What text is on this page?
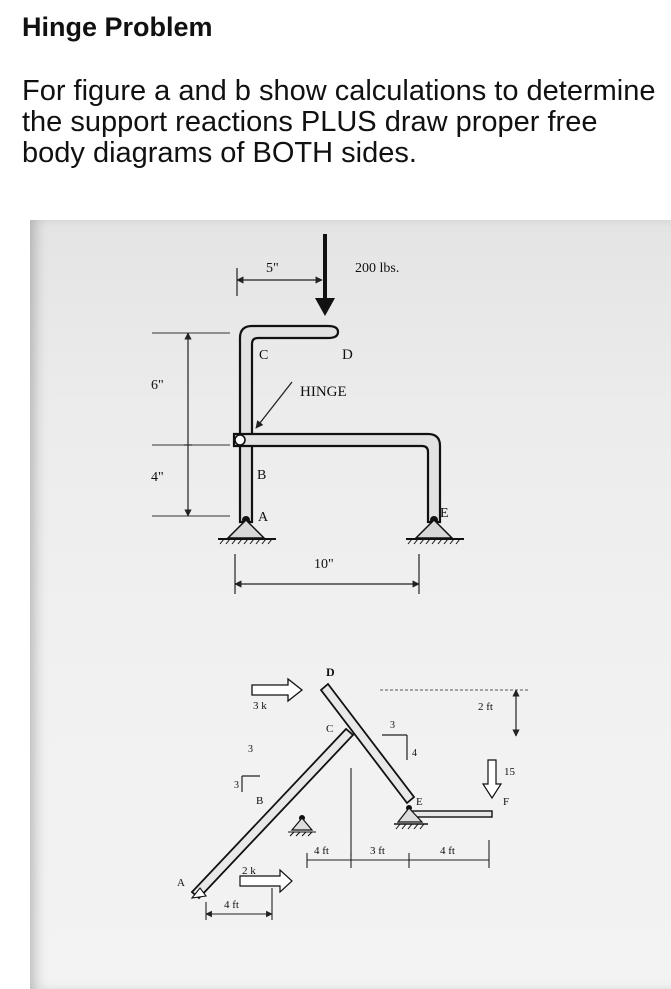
Hinge Problem

For figure a and b show calculations to determine the support reactions PLUS draw proper free body diagrams of BOTH sides.

5"	200 lbs.
6"
4"
C	D
HINGE
B
A	E
10"
D
C
3 k
3
4
2 ft
3
3
B	E
15
F
4 ft	3 ft	4 ft
A
2 k
4 ft
